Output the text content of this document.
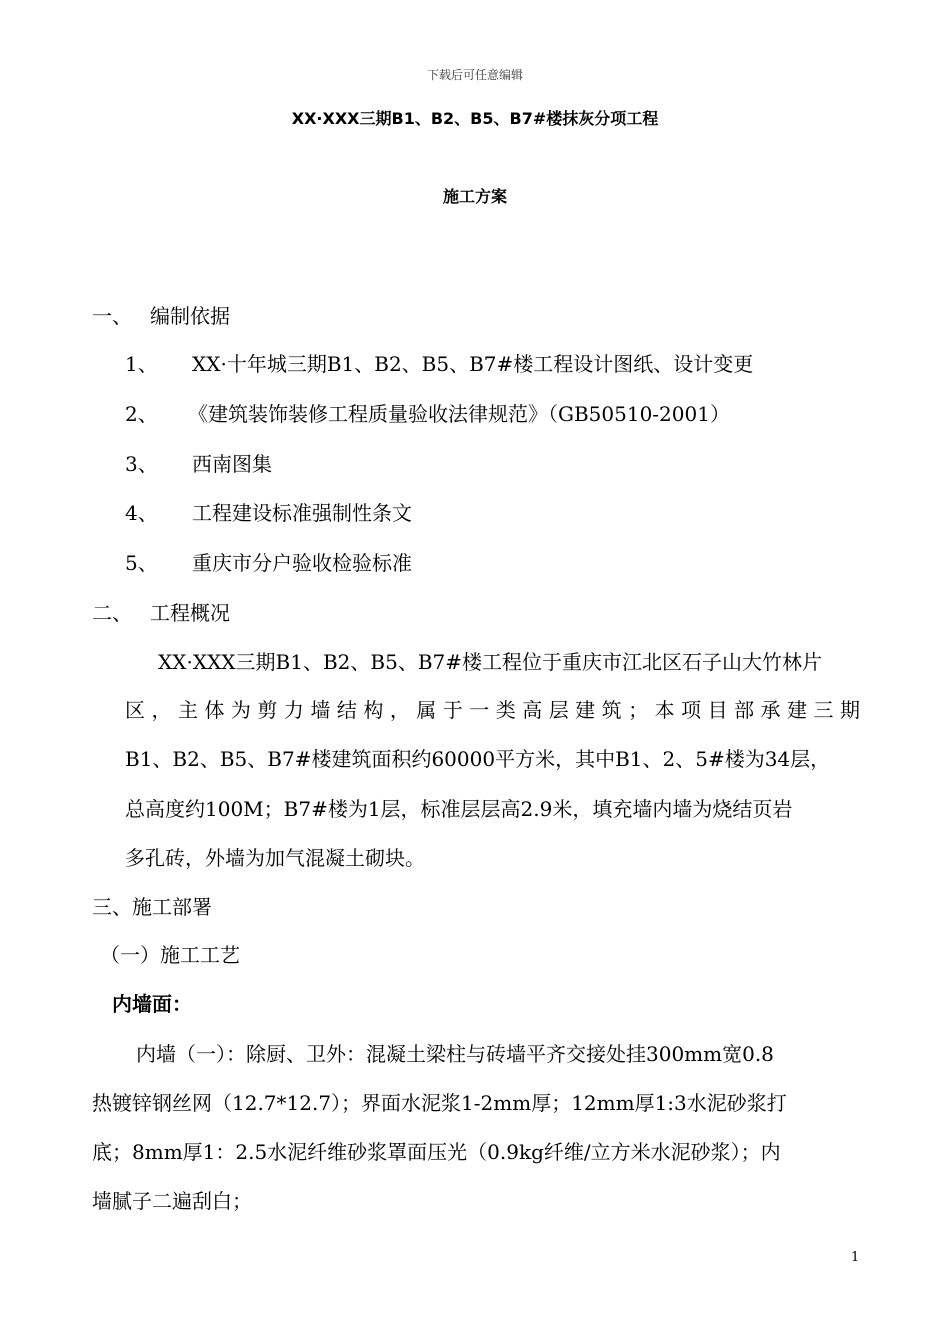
下载后可任意编辑
XX·XXX三期B1、B2、B5、B7#楼抹灰分项工程
施工方案
一、 编制依据
1、 XX·十年城三期B1、B2、B5、B7#楼工程设计图纸、设计变更
2、 《建筑装饰装修工程质量验收法律规范》（GB50510-2001）
3、 西南图集
4、 工程建设标准强制性条文
5、 重庆市分户验收检验标准
二、 工程概况
XX·XXX三期B1、B2、B5、B7#楼工程位于重庆市江北区石子山大竹林片
区，主体为剪力墙结构，属于一类高层建筑；本项目部承建三期
B1、B2、B5、B7#楼建筑面积约60000平方米，其中B1、2、5#楼为34层，
总高度约100M；B7#楼为1层，标准层层高2.9米，填充墙内墙为烧结页岩
多孔砖，外墙为加气混凝土砌块。
三、施工部署
（一）施工工艺
内墙面：
内墙（一）：除厨、卫外：混凝土梁柱与砖墙平齐交接处挂300mm宽0.8
热镀锌钢丝网（12.7*12.7）；界面水泥浆1-2mm厚；12mm厚1:3水泥砂浆打
底；8mm厚1：2.5水泥纤维砂浆罩面压光（0.9kg纤维/立方米水泥砂浆）；内
墙腻子二遍刮白；
1
